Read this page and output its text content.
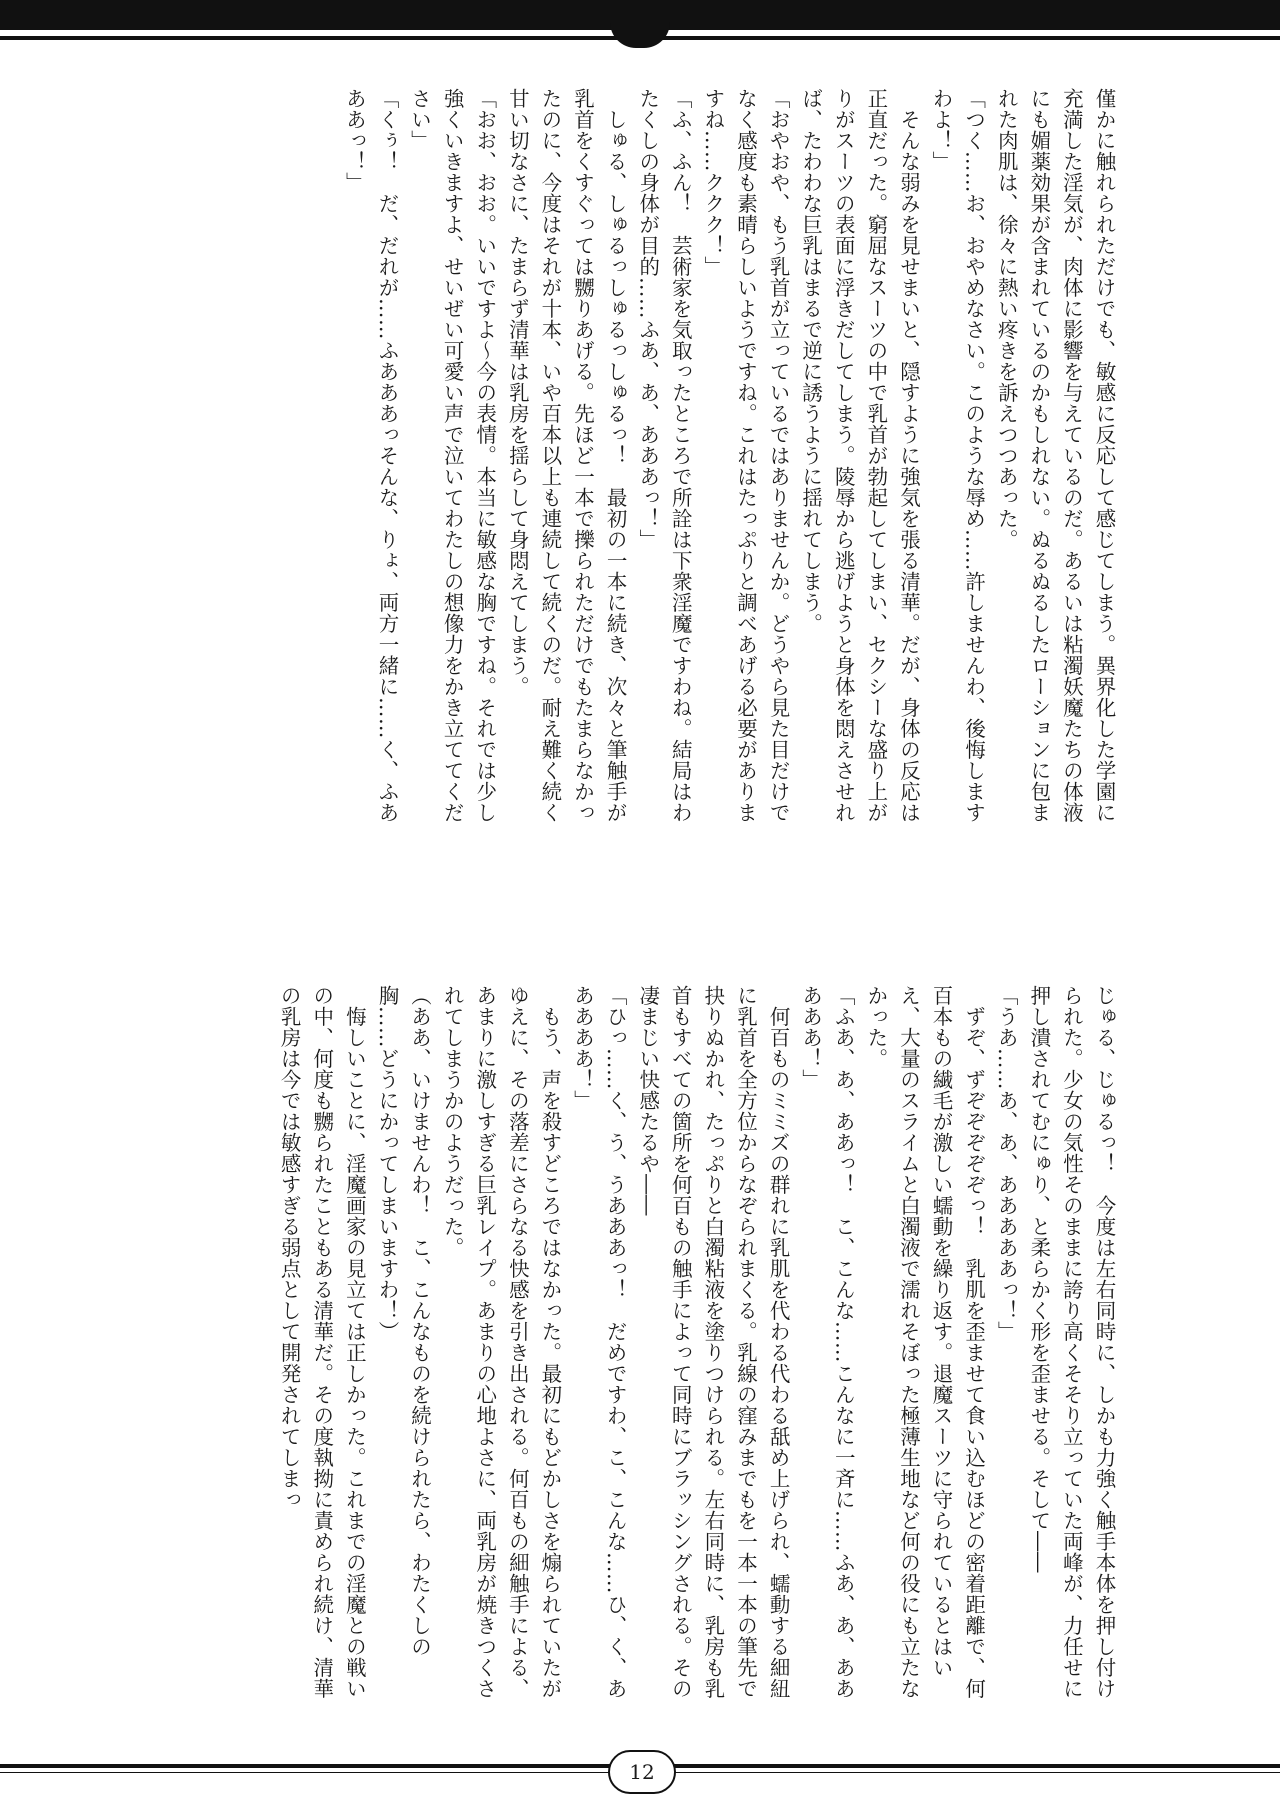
僅かに触れられただけでも、敏感に反応して感じてしまう。異界化した学園に充満した淫気が、肉体に影響を与えているのだ。あるいは粘濁妖魔たちの体液にも媚薬効果が含まれているのかもしれない。ぬるぬるしたローションに包まれた肉肌は、徐々に熱い疼きを訴えつつあった。
「つく……お、おやめなさい。このような辱め……許しませんわ、後悔しますわよ！」
　そんな弱みを見せまいと、隠すように強気を張る清華。だが、身体の反応は正直だった。窮屈なスーツの中で乳首が勃起してしまい、セクシーな盛り上がりがスーツの表面に浮きだしてしまう。陵辱から逃げようと身体を悶えさせれば、たわわな巨乳はまるで逆に誘うように揺れてしまう。
「おやおや、もう乳首が立っているではありませんか。どうやら見た目だけでなく感度も素晴らしいようですね。これはたっぷりと調べあげる必要がありますね……ククク！」
「ふ、ふん！　芸術家を気取ったところで所詮は下衆淫魔ですわね。結局はわたくしの身体が目的……ふあ、あ、あああっ！」
　しゅる、しゅるっしゅるっしゅるっ！　最初の一本に続き、次々と筆触手が乳首をくすぐっては嬲りあげる。先ほど一本で擽られただけでもたまらなかったのに、今度はそれが十本、いや百本以上も連続して続くのだ。耐え難く続く甘い切なさに、たまらず清華は乳房を揺らして身悶えてしまう。
「おお、おお。いいですよ〜今の表情。本当に敏感な胸ですね。それでは少し強くいきますよ、せいぜい可愛い声で泣いてわたしの想像力をかき立ててください」
「くぅ！　だ、だれが……ふあああっそんな、りょ、両方一緒に……く、ふあああっ！」
じゅる、じゅるっ！　今度は左右同時に、しかも力強く触手本体を押し付けられた。少女の気性そのままに誇り高くそそり立っていた両峰が、力任せに押し潰されてむにゅり、と柔らかく形を歪ませる。そして――
「うあ……あ、あ、あああああっ！」
　ずぞ、ずぞぞぞぞぞっ！　乳肌を歪ませて食い込むほどの密着距離で、何百本もの繊毛が激しい蠕動を繰り返す。退魔スーツに守られているとはいえ、大量のスライムと白濁液で濡れそぼった極薄生地など何の役にも立たなかった。
「ふあ、あ、ああっ！　こ、こんな……こんなに一斉に……ふあ、あ、あああああ！」
　何百ものミミズの群れに乳肌を代わる代わる舐め上げられ、蠕動する細紐に乳首を全方位からなぞられまくる。乳線の窪みまでもを一本一本の筆先で抉りぬかれ、たっぷりと白濁粘液を塗りつけられる。左右同時に、乳房も乳首もすべての箇所を何百もの触手によって同時にブラッシングされる。その凄まじい快感たるや――
「ひっ……く、う、うあああっ！　だめですわ、こ、こんな……ひ、く、あああああ！」
　もう、声を殺すどころではなかった。最初にもどかしさを煽られていたがゆえに、その落差にさらなる快感を引き出される。何百もの細触手による、あまりに激しすぎる巨乳レイプ。あまりの心地よさに、両乳房が焼きつくされてしまうかのようだった。
（ああ、いけませんわ！　こ、こんなものを続けられたら、わたくしの胸……どうにかってしまいますわ！）
　悔しいことに、淫魔画家の見立ては正しかった。これまでの淫魔との戦いの中、何度も嬲られたこともある清華だ。その度執拗に責められ続け、清華の乳房は今では敏感すぎる弱点として開発されてしまっ
12
